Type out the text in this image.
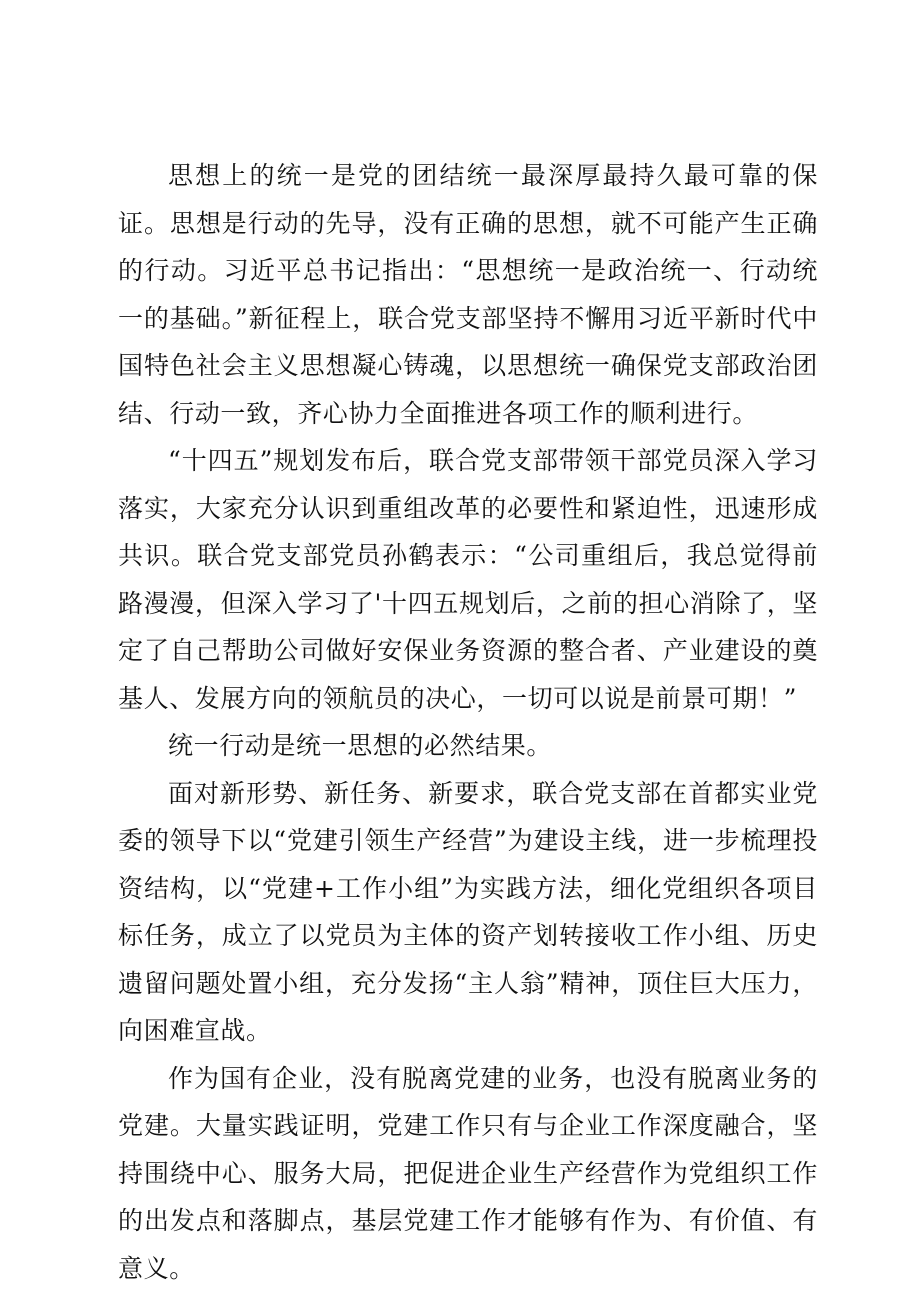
思想上的统一是党的团结统一最深厚最持久最可靠的保证。思想是行动的先导，没有正确的思想，就不可能产生正确的行动。习近平总书记指出：“思想统一是政治统一、行动统一的基础。”新征程上，联合党支部坚持不懈用习近平新时代中国特色社会主义思想凝心铸魂，以思想统一确保党支部政治团结、行动一致，齐心协力全面推进各项工作的顺利进行。

“十四五”规划发布后，联合党支部带领干部党员深入学习落实，大家充分认识到重组改革的必要性和紧迫性，迅速形成共识。联合党支部党员孙鹤表示：“公司重组后，我总觉得前路漫漫，但深入学习了'十四五规划后，之前的担心消除了，坚定了自己帮助公司做好安保业务资源的整合者、产业建设的奠基人、发展方向的领航员的决心，一切可以说是前景可期！”

统一行动是统一思想的必然结果。

面对新形势、新任务、新要求，联合党支部在首都实业党委的领导下以“党建引领生产经营”为建设主线，进一步梳理投资结构，以“党建+工作小组”为实践方法，细化党组织各项目标任务，成立了以党员为主体的资产划转接收工作小组、历史遗留问题处置小组，充分发扬“主人翁”精神，顶住巨大压力，向困难宣战。

作为国有企业，没有脱离党建的业务，也没有脱离业务的党建。大量实践证明，党建工作只有与企业工作深度融合，坚持围绕中心、服务大局，把促进企业生产经营作为党组织工作的出发点和落脚点，基层党建工作才能够有作为、有价值、有意义。
